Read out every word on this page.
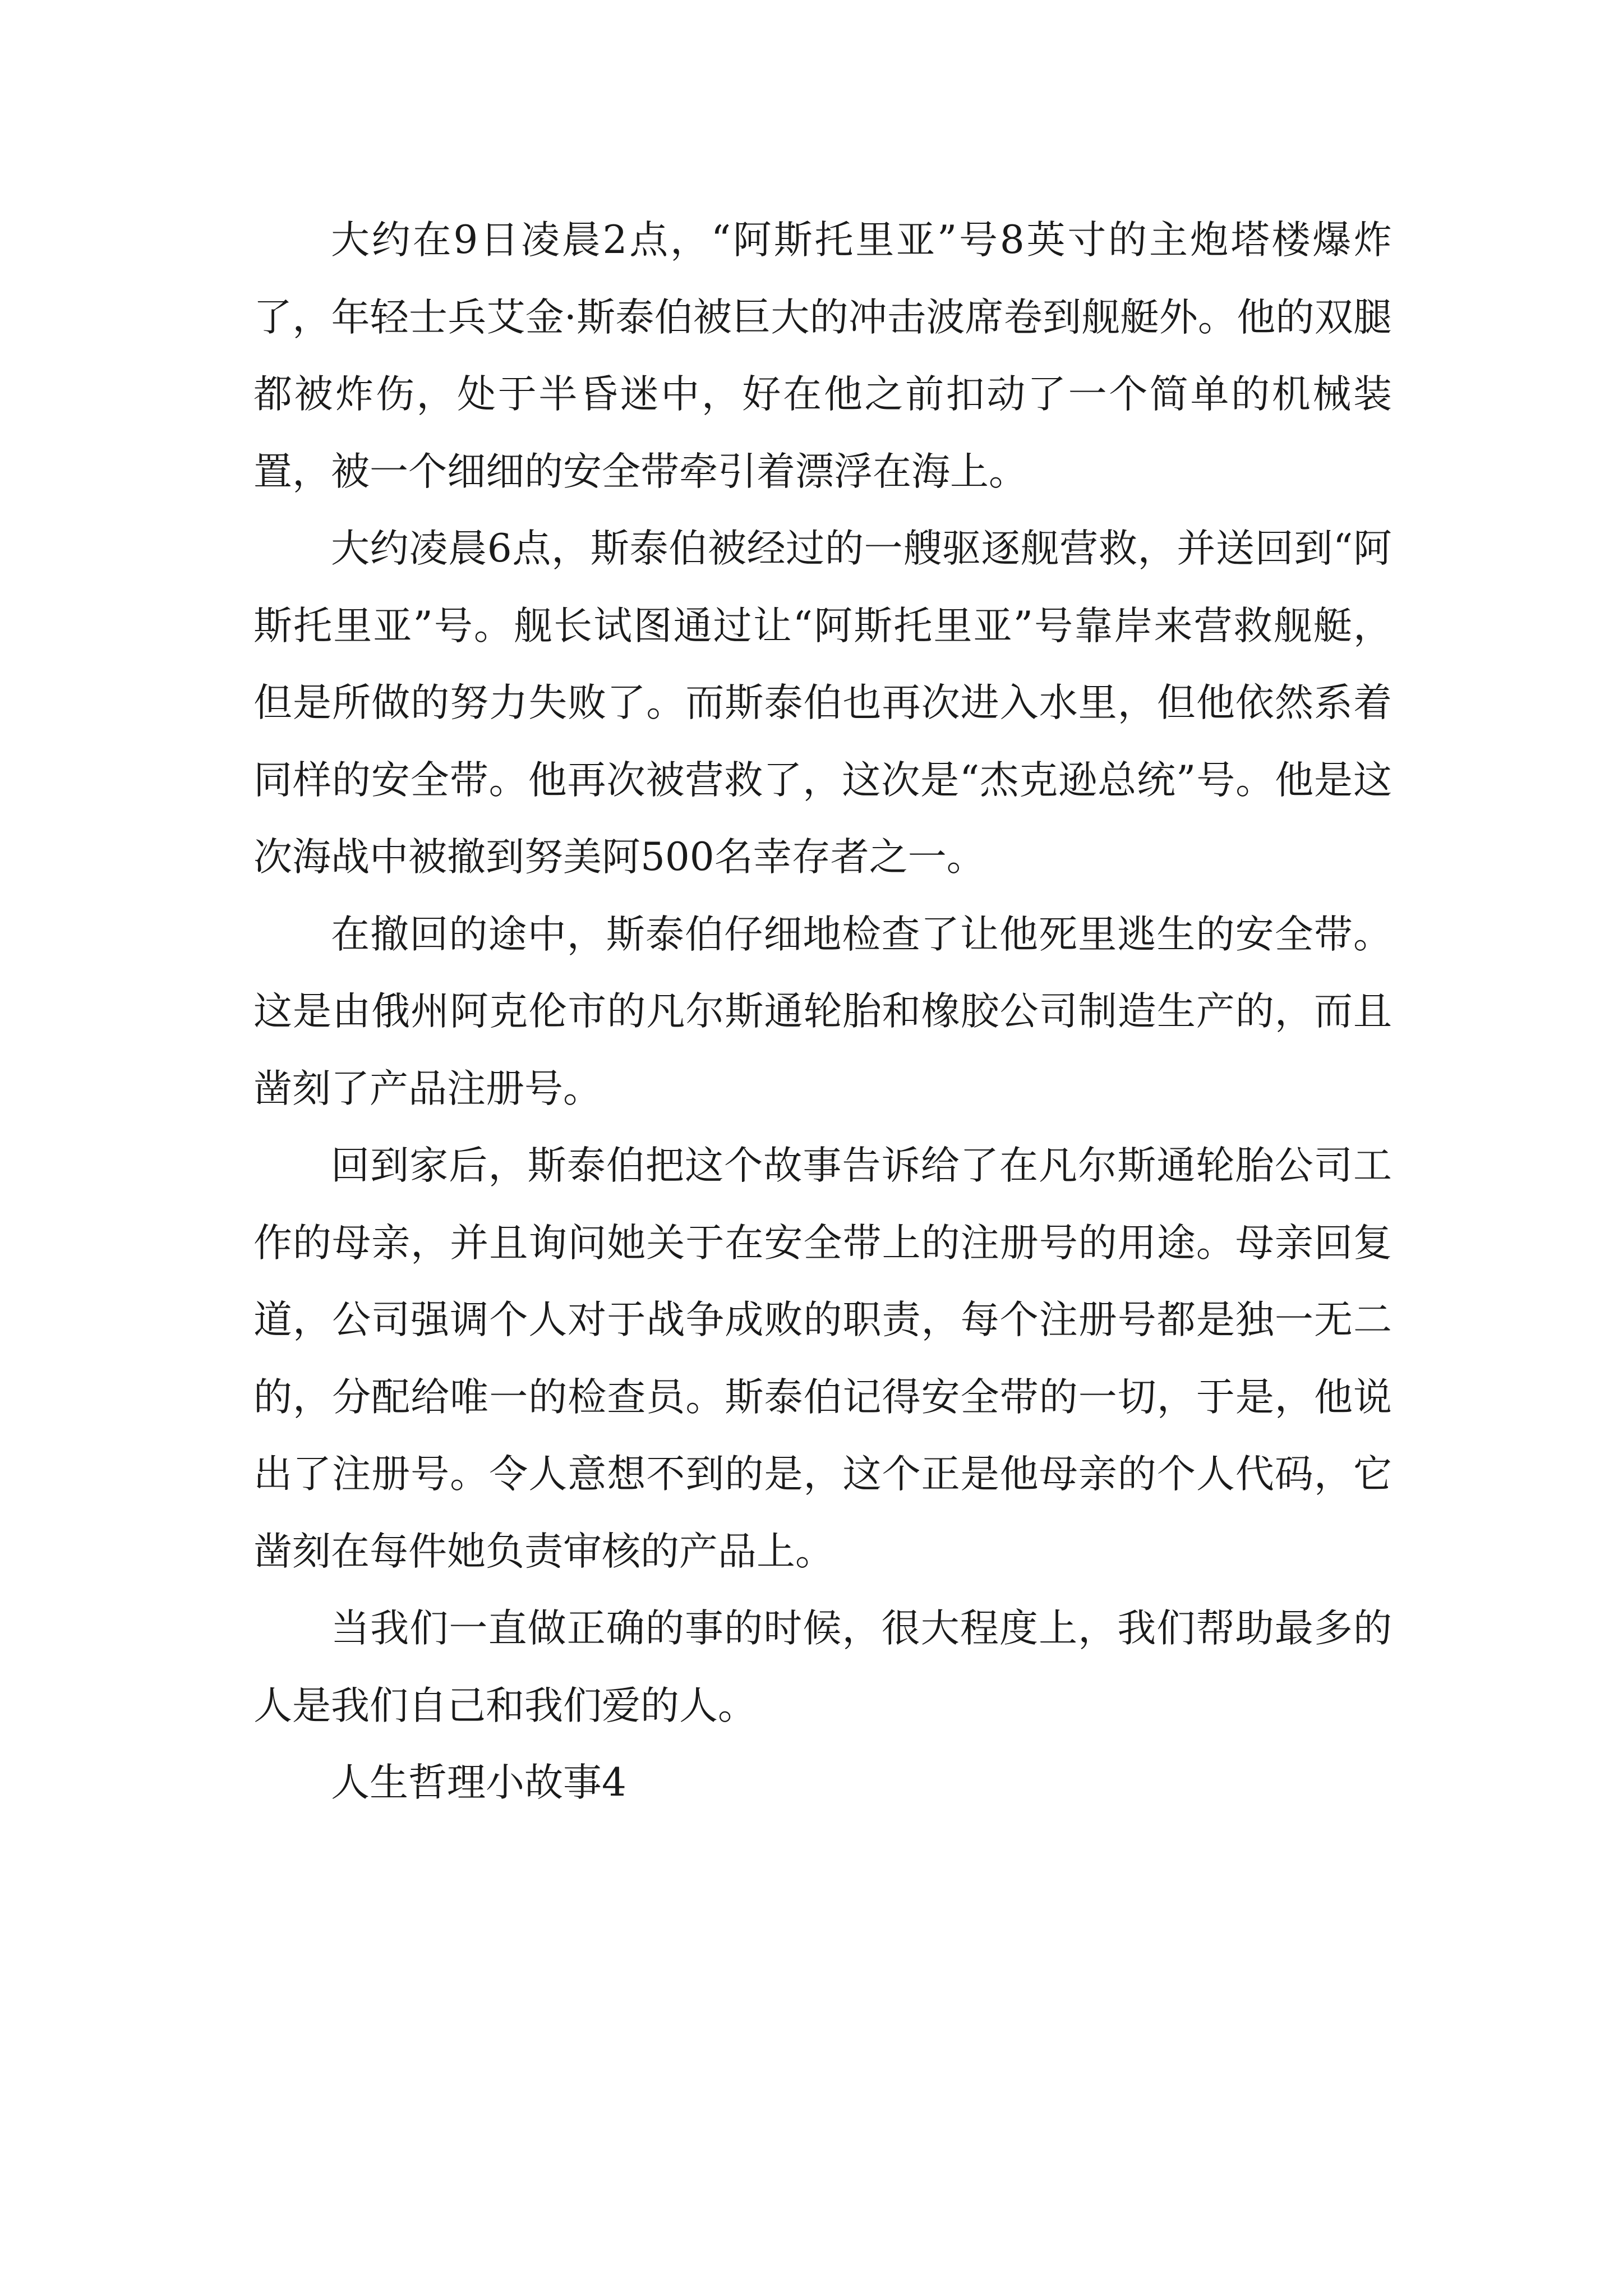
大约在9日凌晨2点，“阿斯托里亚”号8英寸的主炮塔楼爆炸了，年轻士兵艾金·斯泰伯被巨大的冲击波席卷到舰艇外。他的双腿都被炸伤，处于半昏迷中，好在他之前扣动了一个简单的机械装置，被一个细细的安全带牵引着漂浮在海上。

大约凌晨6点，斯泰伯被经过的一艘驱逐舰营救，并送回到“阿斯托里亚”号。舰长试图通过让“阿斯托里亚”号靠岸来营救舰艇，但是所做的努力失败了。而斯泰伯也再次进入水里，但他依然系着同样的安全带。他再次被营救了，这次是“杰克逊总统”号。他是这次海战中被撤到努美阿500名幸存者之一。

在撤回的途中，斯泰伯仔细地检查了让他死里逃生的安全带。这是由俄州阿克伦市的凡尔斯通轮胎和橡胶公司制造生产的，而且凿刻了产品注册号。

回到家后，斯泰伯把这个故事告诉给了在凡尔斯通轮胎公司工作的母亲，并且询问她关于在安全带上的注册号的用途。母亲回复道，公司强调个人对于战争成败的职责，每个注册号都是独一无二的，分配给唯一的检查员。斯泰伯记得安全带的一切，于是，他说出了注册号。令人意想不到的是，这个正是他母亲的个人代码，它凿刻在每件她负责审核的产品上。

当我们一直做正确的事的时候，很大程度上，我们帮助最多的人是我们自己和我们爱的人。

人生哲理小故事4
